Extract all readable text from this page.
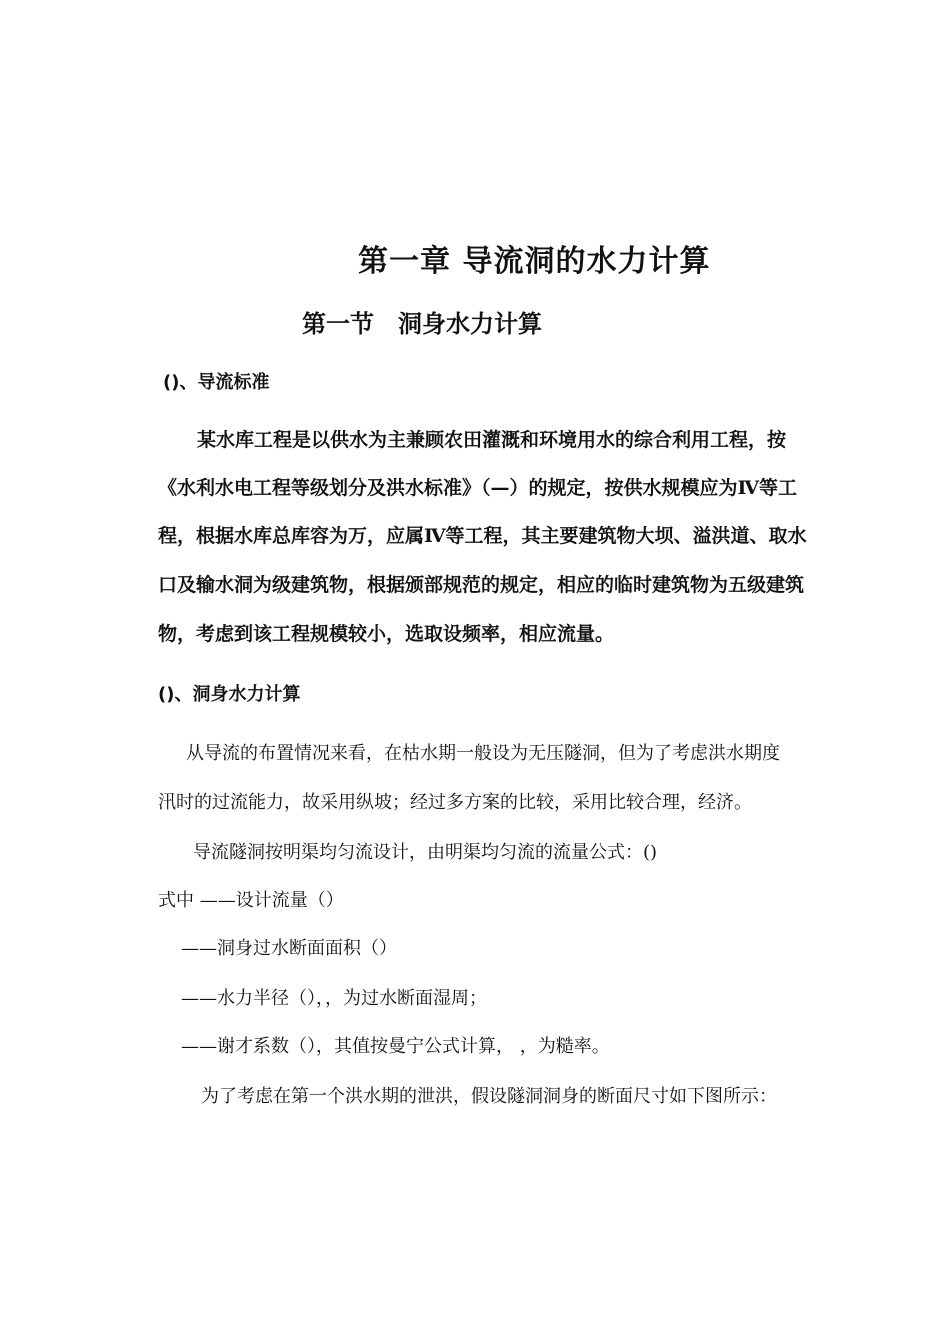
第一章 导流洞的水力计算
第一节　洞身水力计算
()、导流标准
某水库工程是以供水为主兼顾农田灌溉和环境用水的综合利用工程，按
《水利水电工程等级划分及洪水标准》（—）的规定，按供水规模应为Ⅳ等工
程，根据水库总库容为万，应属Ⅳ等工程，其主要建筑物大坝、溢洪道、取水
口及输水洞为级建筑物，根据颁部规范的规定，相应的临时建筑物为五级建筑
物，考虑到该工程规模较小，选取设频率，相应流量。
()、洞身水力计算
从导流的布置情况来看，在枯水期一般设为无压隧洞，但为了考虑洪水期度
汛时的过流能力，故采用纵坡；经过多方案的比较，采用比较合理，经济。
导流隧洞按明渠均匀流设计，由明渠均匀流的流量公式：()
式中 ——设计流量（）
——洞身过水断面面积（）
——水力半径（），，为过水断面湿周；
——谢才系数（），其值按曼宁公式计算， ，为糙率。
为了考虑在第一个洪水期的泄洪，假设隧洞洞身的断面尺寸如下图所示：
